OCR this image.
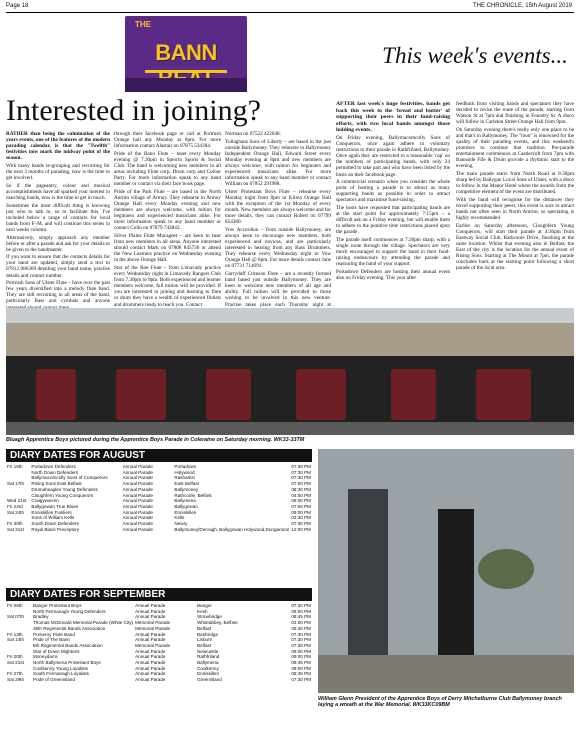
Page 18	THE CHRONICLE, 15th August 2019
THE
BANN	This week's events...
Interested in joining?

RATHER than being the culmination of the years events, one of the features of the modern parading calendar, is that the "Twelfth" festivities now mark the midway point of the season.

With many bands re-grouping and recruiting for the next 3 months of parading, now is the time to get involved.

So if the pageantry, colour and musical accomplishments have all sparked your interest in marching bands, now is the time to get in touch.

Sometimes the most difficult thing is knowing just who to talk to, so to facilitate this, I've included below a range of contacts for local bands from F–M, and will continue this series in next weeks column.

Alternatively, simply approach any member before or after a parade and ask for your details to be given to the bandmaster.

If you want to ensure that the contacts details for your band are updated, simply send a text to 07812 086369 detailing your band name, practise details and contact number.

Portrush Sons of Ulster Flute – have over the past few years diversified into a melody flute band. They are still recruiting in all areas of the band, particularly Bass and cymbals and anyone

through their facebook page or call at Portrush Orange hall any Monday at 8pm. For more information contact Alastair on 07875 534384.

Pride of the Bann Flute – meet every Monday evening @ 7.30pm in Sperrin Sports & Social Club. The band is welcoming new members in all areas including Flute corp, Drum corp and Colour Party. For more information speak to any band member or contact via their face book page.

Pride of the Park Flute – are based in the North Antrim village of Armoy. They rehearse in Armoy Orange Hall every Monday evening and new members are always welcome, with tuition for beginners and experienced musicians alike. For more information speak to any band member or contact Colin on 07879 743843.

Silver Plains Flute Macageet – are keen to hear from new members in all areas. Anyone interested should contact Mark on 07808 845736 or attend the New Learners practice on Wednesday evening in the above Orange Hall.

Star of the Roe Flute – from Limavady practice every Wednesday night in Limavady Rangers Club from 7.30pm to 9pm. Both experienced and learner members welcome, full tuition will be provided. If you are interested in joining and learning to flute or drum they have a wealth of experienced flutists and drummers ready to teach you. Contact

Norman on 07522 422048.

Tullaghans Sons of Liberty – are based in the just outside Ballymoney. They rehearse in Ballymoney Independent Orange Hall, Edward Street every Monday evening at 8pm and new members are always welcome, with tuition for beginners and experienced musicians alike. For more information speak to any band member or contact William on 07852 291988.

Ulster Protestant Boys Flute – rehearse every Monday night from 8pm in Kilrea Orange Hall with the exception of the 1st Monday of every month. New members are always welcome and for more details, they can contact Robert on 07799 854380.

Vow Accordion – from outside Ballymoney, are always keen to encourage new members, both experienced and novices, and are particularly interested in hearing from any Bass Drummers. They rehearse every Wednesday night in Vow Orange Hall @ 8pm. For more details contact Jane on 07731 714691.

Garryduff Crimson Flute – are a recently formed band based just outside Ballymoney. They are keen to welcome new members of all age and ability. Full tuition will be provided to those wishing to be involved in this new venture. Practise takes place each Thursday night at

AFTER last week's huge festivities, bands get back this week to the 'bread and butter' of supporting their peers in their fund-raising efforts, with two local bands amongst those holding events.

On Friday evening, Ballymacomcolly Sons of Conquerors, once again adhere to voluntary restrictions to their parade in Rathfriland, Ballymoney. Once again they are restricted to a reasonable 'cap' on the numbers of participating bands, with only 24 permitted to take part and who have been listed by the hosts on their facebook page.

A commercial scenario when you consider the whole point of hosting a parade is to attract as many supporting bands as possible in order to attract spectators and maximise fund-raising.

The hosts have requested that participating bands are at the start point for approximately 7:15pm – a difficult ask on a Friday evening, but will enable them to adhere to the punitive time restrictions placed upon the parade.

The parade itself commences at 7:30pm sharp, with a single route through the village. Spectators are very much encouraged to support the band in their fund-raising endeavours by attending the parade and reassuring the band of your support.

Portadown Defenders are hosting their annual event also on Friday evening. This year after

feedback from visiting bands and spectators they have decided to revise the route of the parade, starting from Watson St at 7pm and finishing in Foundry St. A disco will follow in Carleton Street Orange Hall from 9pm.

On Saturday evening there's really only one place to be and that's in Ballymoney. The "loon" is renowned for the quality of their parading events, and this weekend's promises to continue that tradition. Pre-parade entertainment commences at Castlecroft from 7pm with Bannside Fife & Drum provide a rhythmic start to the evening.

The main parade starts from North Road at 8:30pm sharp led by Ballygan Loyal Sons of Ulster, with a disco to follow in the Manor Hotel where the awards from the competitive element of the event are distributed.

With the band will recognise for the distances they travel supporting their peers, this event is sure to attract bands not often seen in North Antrim, so spectating is highly recommended.

Earlier on Saturday afternoon, Cloughfern Young Conquerors, will start their parade at 4:30pm from Eastway Social Club, Rathcoole Drive, finishing at the same location. Whilst that evening also in Belfast, the East of the city is the location for the annual event of Rising Sons. Starting at The Mount at 7pm, the parade concludes back at the starting point following a short parade of the local area.

Bluagh Apprentice Boys pictured during the Apprentice Boys Parade in Coleraine on Saturday morning. WK33-33TM
DIARY DATES FOR AUGUST
Fri 16th	Portadown Defenders	Annual Parade	Portadown	07:30 PM
	North Down Defenders	Annual Parade	Holywood	07:30 PM
	Ballymacomcolly Sons of Conquerors	Annual Parade	Rasharkin	07:30 PM
Sat 17th	Rising Sons East Belfast	Annual Parade	East Belfast	07:00 PM
	Drumaheagles Young Defenders	Annual Parade	Ballymoney	08:30 PM
	Cloughfern Young Conquerors	Annual Parade	Rathcoole, Belfast	04:00 PM
Wed 21st	Craigywarren	Annual Parade	Ballymena	08:00 PM
Fri 23rd	Ballygowan True Blues	Annual Parade	Ballygowan	07:00 PM
Sat 24th	Enniskillen Fusiliers	Annual Parade	Enniskillen	09:00 PM
	Sons of William Kells	Annual Parade	Kells	03:30 PM
Fri 30th	South Down Defenders	Annual Parade	Newry	07:30 PM
Sat 31st	Royal Black Preceptory	Annual Parade	Ballymoney/Dervagh, Ballygowan Holywood,Dungannon	12:00 PM
DIARY DATES FOR SEPTEMBER
Fri 06th	Bangor Protestant Boys	Annual Parade	Bangor	07:30 PM
	North Fermanagh Young Defenders	Annual Parade	Kesh	08:00 PM
Sat 07th	Bradley	Annual Parade	Stonebridge	08:45 PM
	Thomas McDonald Memorial Parade (White City)	Memorial Parade	Whiteabbey, Belfast	04:00 PM
	36th Regimental Bands Association	Memorial Parade	Belfast	05:30 PM
Fri 13th	Pomeroy Flute Band	Annual Parade	Banbridge	07:30 PM
Sat 14th	Pride of The Bann	Annual Parade	Lisburn	07:30 PM
	8th Regimental Bands Association	Memorial Parade	Belfast	07:30 PM
	Star of Down Mightens	Annual Parade	Newcastle	09:00 PM
Fri 20th	Moneydarra	Annual Parade	Rathfriland	09:00 PM
Sat 21st	North Ballymena Protestant Boys	Annual Parade	Ballymena	08:45 PM
	Coolkenny Young Loyalists	Annual Parade	Coolkenny	08:00 PM
Fri 27th	South Fermanagh Loyalists	Annual Parade	Enniskillen	08:45 PM
Sat 29th	Pride of Greenisland	Annual Parade	Greenisland	07:30 PM
William Glenn President of the Apprentice Boys of Derry Mitchelburne Club Ballymoney branch laying a wreath at the War Memorial. WK33KC09BM
